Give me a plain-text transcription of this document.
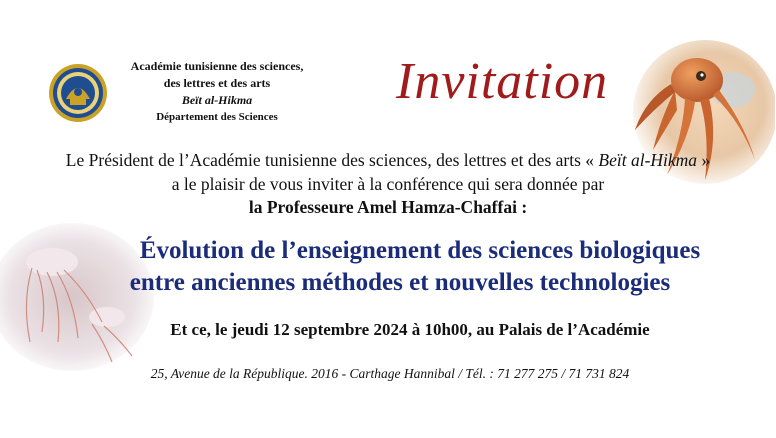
Académie tunisienne des sciences,
des lettres et des arts
Beït al-Hikma
Département des Sciences
Invitation
Le Président de l’Académie tunisienne des sciences, des lettres et des arts « Beït al-Hikma »
a le plaisir de vous inviter à la conférence qui sera donnée par
la Professeure Amel Hamza-Chaffai :
Évolution de l’enseignement des sciences biologiques
entre anciennes méthodes et nouvelles technologies
Et ce, le jeudi 12 septembre 2024 à 10h00, au Palais de l’Académie
25, Avenue de la République. 2016 - Carthage Hannibal / Tél. : 71 277 275 / 71 731 824
